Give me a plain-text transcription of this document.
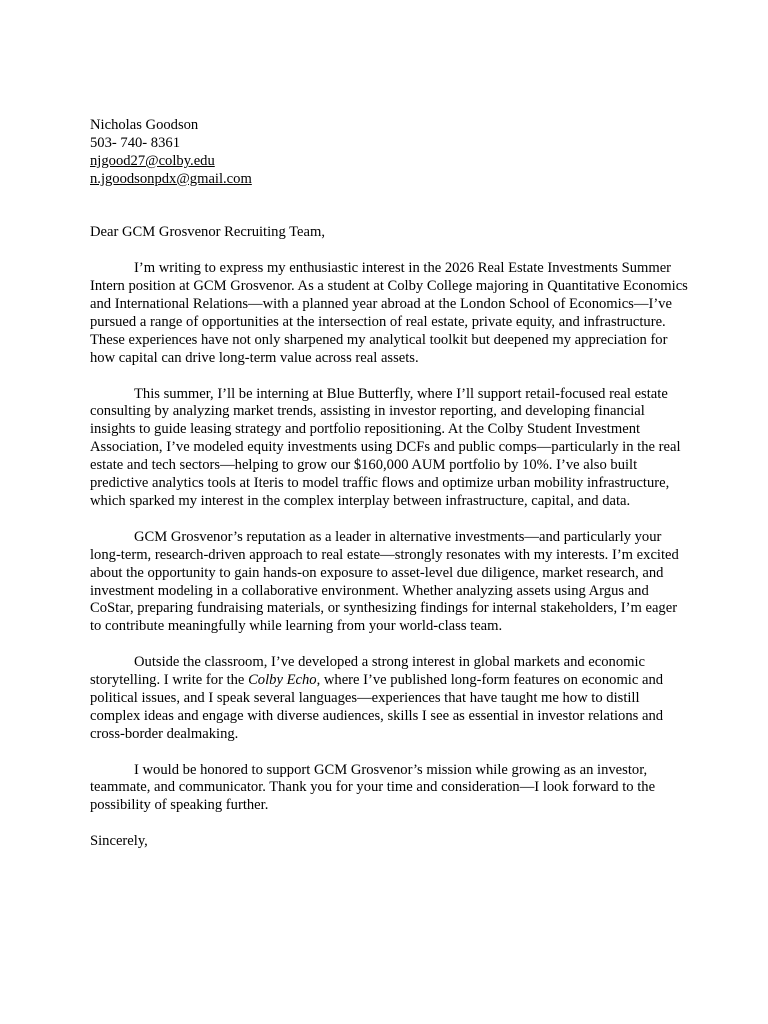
Nicholas Goodson
503- 740- 8361
njgood27@colby.edu
n.jgoodsonpdx@gmail.com
Dear GCM Grosvenor Recruiting Team,

I’m writing to express my enthusiastic interest in the 2026 Real Estate Investments Summer Intern position at GCM Grosvenor. As a student at Colby College majoring in Quantitative Economics and International Relations—with a planned year abroad at the London School of Economics—I’ve pursued a range of opportunities at the intersection of real estate, private equity, and infrastructure. These experiences have not only sharpened my analytical toolkit but deepened my appreciation for how capital can drive long-term value across real assets.

This summer, I’ll be interning at Blue Butterfly, where I’ll support retail-focused real estate consulting by analyzing market trends, assisting in investor reporting, and developing financial insights to guide leasing strategy and portfolio repositioning. At the Colby Student Investment Association, I’ve modeled equity investments using DCFs and public comps—particularly in the real estate and tech sectors—helping to grow our $160,000 AUM portfolio by 10%. I’ve also built predictive analytics tools at Iteris to model traffic flows and optimize urban mobility infrastructure, which sparked my interest in the complex interplay between infrastructure, capital, and data.

GCM Grosvenor’s reputation as a leader in alternative investments—and particularly your long-term, research-driven approach to real estate—strongly resonates with my interests. I’m excited about the opportunity to gain hands-on exposure to asset-level due diligence, market research, and investment modeling in a collaborative environment. Whether analyzing assets using Argus and CoStar, preparing fundraising materials, or synthesizing findings for internal stakeholders, I’m eager to contribute meaningfully while learning from your world-class team.

Outside the classroom, I’ve developed a strong interest in global markets and economic storytelling. I write for the Colby Echo, where I’ve published long-form features on economic and political issues, and I speak several languages—experiences that have taught me how to distill complex ideas and engage with diverse audiences, skills I see as essential in investor relations and cross-border dealmaking.

I would be honored to support GCM Grosvenor’s mission while growing as an investor, teammate, and communicator. Thank you for your time and consideration—I look forward to the possibility of speaking further.

Sincerely,
